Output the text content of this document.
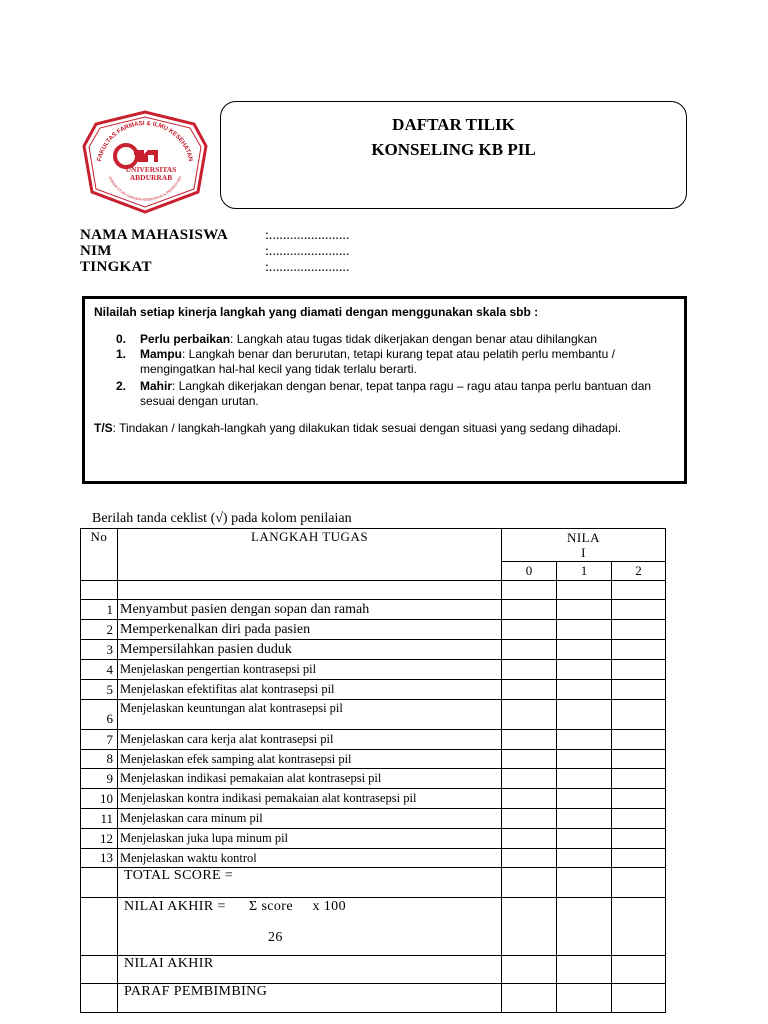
FAKULTAS FARMASI & ILMU KESEHATAN
OGRAM STUDI SARJANA KEBIDANAN & PROFESI BID
UNIVERSITAS
ABDURRAB
DAFTAR TILIK
KONSELING KB PIL
NAMA MAHASISWA	:.......................
NIM	:.......................
TINGKAT	:.......................
Nilailah setiap kinerja langkah yang diamati dengan menggunakan skala sbb :
0. Perlu perbaikan: Langkah atau tugas tidak dikerjakan dengan benar atau dihilangkan
1. Mampu: Langkah benar dan berurutan, tetapi kurang tepat atau pelatih perlu membantu / mengingatkan hal-hal kecil yang tidak terlalu berarti.
2. Mahir: Langkah dikerjakan dengan benar, tepat tanpa ragu – ragu atau tanpa perlu bantuan dan sesuai dengan urutan.
T/S: Tindakan / langkah-langkah yang dilakukan tidak sesuai dengan situasi yang sedang dihadapi.
Berilah tanda ceklist (√) pada kolom penilaian
No	LANGKAH TUGAS	NILA
I		

		0	1	2

1	Menyambut pasien dengan sopan dan ramah			
2	Memperkenalkan diri pada pasien			
3	Mempersilahkan pasien duduk			
4	Menjelaskan pengertian kontrasepsi pil			
5	Menjelaskan efektifitas alat kontrasepsi pil			
6	Menjelaskan keuntungan alat kontrasepsi pil			
7	Menjelaskan cara kerja alat kontrasepsi pil			
8	Menjelaskan efek samping alat kontrasepsi pil			
9	Menjelaskan indikasi pemakaian alat kontrasepsi pil			
10	Menjelaskan kontra indikasi pemakaian alat kontrasepsi pil			
11	Menjelaskan cara minum pil			
12	Menjelaskan juka lupa minum pil			
13	Menjelaskan waktu kontrol			
	TOTAL SCORE =			

	NILAI AKHIR = Σ score     x 100
26			

	NILAI AKHIR			
	PARAF PEMBIMBING			
